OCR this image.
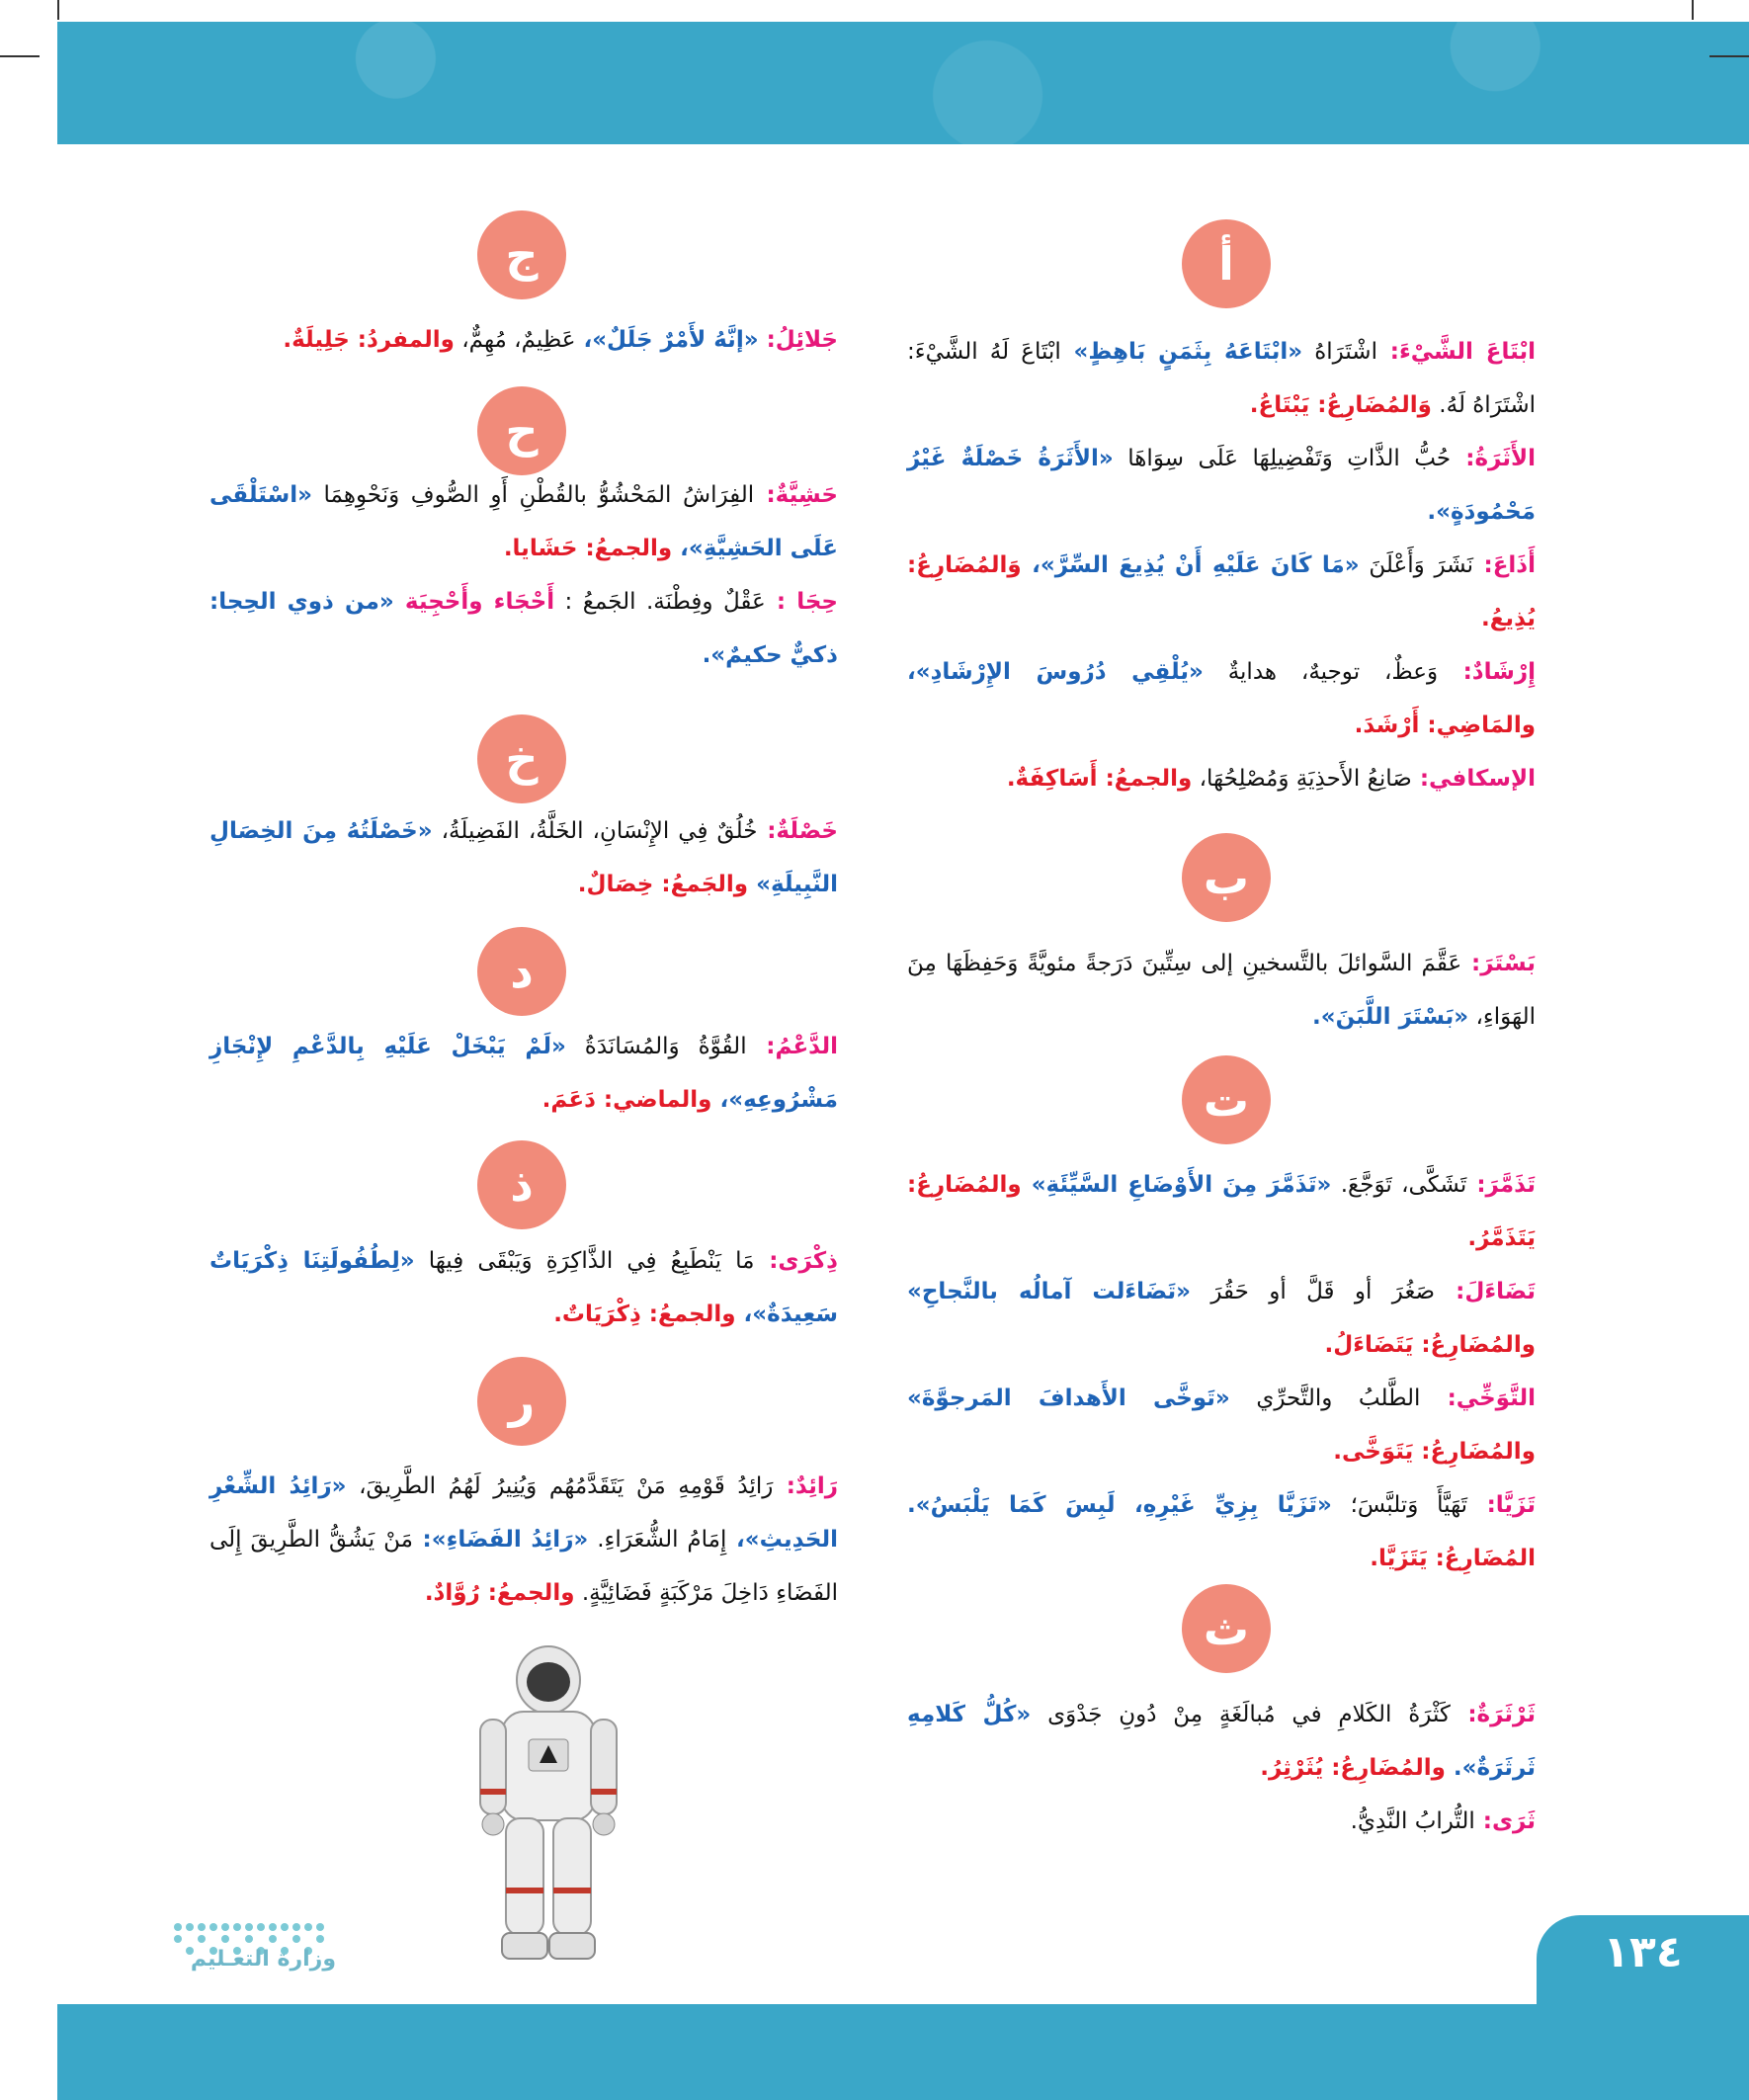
أ
ب
ت
ث
ج
ح
خ
د
ذ
ر

ابْتَاعَ الشَّيْءَ: اشْتَرَاهُ «ابْتَاعَهُ بِثَمَنٍ بَاهِظٍ» ابْتَاعَ لَهُ الشَّيْءَ: اشْتَرَاهُ لَهُ. وَالمُضَارِعُ: يَبْتَاعُ.

الأَثَرَةُ: حُبُّ الذَّاتِ وَتَفْضِيلِهَا عَلَى سِوَاهَا «الأَثَرَةُ خَصْلَةٌ غَيْرُ مَحْمُودَةٍ».

أَذَاعَ: نَشَرَ وَأَعْلَنَ «مَا كَانَ عَلَيْهِ أَنْ يُذِيعَ السِّرَّ»، وَالمُضَارِعُ: يُذِيعُ.

إِرْشَادٌ: وَعظٌ، توجيهٌ، هدايةٌ «يُلْقِي دُرُوسَ الإِرْشَادِ»، والمَاضِي: أَرْشَدَ.

الإسكافي: صَانِعُ الأَحذِيَةِ وَمُصْلِحُهَا، والجمعُ: أَسَاكِفَةٌ.

بَسْتَرَ: عَقَّمَ السَّوائلَ بالتَّسخينِ إلى سِتِّينَ دَرَجةً مئويَّةً وَحَفِظَهَا مِنَ الهَوَاءِ، «بَسْتَرَ اللَّبَنَ».

تَذَمَّرَ: تَشَكَّى، تَوَجَّعَ. «تَذَمَّرَ مِنَ الأَوْضَاعِ السَّيِّئَةِ» والمُضَارِعُ: يَتَذَمَّرُ.

تَضَاءَلَ: صَغُرَ أو قَلَّ أو حَقُرَ «تَضَاءَلت آمالُه بالنَّجاحِ» والمُضَارِعُ: يَتَضَاءَلُ.

التَّوَخِّي: الطَّلبُ والتَّحرِّي «تَوخَّى الأَهدافَ المَرجوَّةَ» والمُضَارِعُ: يَتَوَخَّى.

تَزَيَّا: تَهَيَّأَ وَتلبَّسَ؛ «تَزَيَّا بِزِيِّ غَيْرِهِ، لَبِسَ كَمَا يَلْبَسُ». المُضَارِعُ: يَتَزَيَّا.

ثَرْثَرَةٌ: كَثْرَةُ الكَلامِ في مُبالَغَةٍ مِنْ دُونِ جَدْوَى «كُلُّ كَلامِهِ ثَرثَرَةٌ». والمُضَارِعُ: يُثَرْثِرُ.

ثَرَى: التُّرابُ النَّدِيُّ.

جَلائِلُ: «إنَّهُ لأَمْرٌ جَلَلٌ»، عَظِيمٌ، مُهِمٌّ، والمفردُ: جَلِيلَةٌ.

حَشِيَّةٌ: الفِرَاشُ المَحْشُوُّ بالقُطْنِ أَوِ الصُّوفِ وَنَحْوِهِمَا «اسْتَلْقَى عَلَى الحَشِيَّةِ»، والجمعُ: حَشَايا.

حِجَا : عَقْلٌ وفِطْنَة. الجَمعُ : أَحْجَاء وأَحْجِيَة «من ذوي الحِجا: ذكيٌّ حكيمٌ».

خَصْلَةٌ: خُلُقٌ فِي الإِنْسَانِ، الخَلَّةُ، الفَضِيلَةُ، «خَصْلَتُهُ مِنَ الخِصَالِ النَّبِيلَةِ» والجَمعُ: خِصَالٌ.

الدَّعْمُ: القُوَّةُ وَالمُسَانَدَةُ «لَمْ يَبْخَلْ عَلَيْهِ بِالدَّعْمِ لإِنْجَازِ مَشْرُوعِهِ»، والماضي: دَعَمَ.

ذِكْرَى: مَا يَنْطَبِعُ فِي الذَّاكِرَةِ وَيَبْقَى فِيهَا «لِطُفُولَتِنَا ذِكْرَيَاتٌ سَعِيدَةٌ»، والجمعُ: ذِكْرَيَاتٌ.

رَائِدٌ: رَائِدُ قَوْمِهِ مَنْ يَتَقَدَّمُهُم وَيُنِيرُ لَهُمُ الطَّرِيقَ، «رَائِدُ الشِّعْرِ الحَدِيثِ»، إِمَامُ الشُّعَرَاءِ. «رَائِدُ الفَضَاءِ»: مَنْ يَشُقُّ الطَّرِيقَ إِلَى الفَضَاءِ دَاخِلَ مَرْكَبَةٍ فَضَائِيَّةٍ. والجمعُ: رُوَّادٌ.

وزارة التعـليم	١٣٤
